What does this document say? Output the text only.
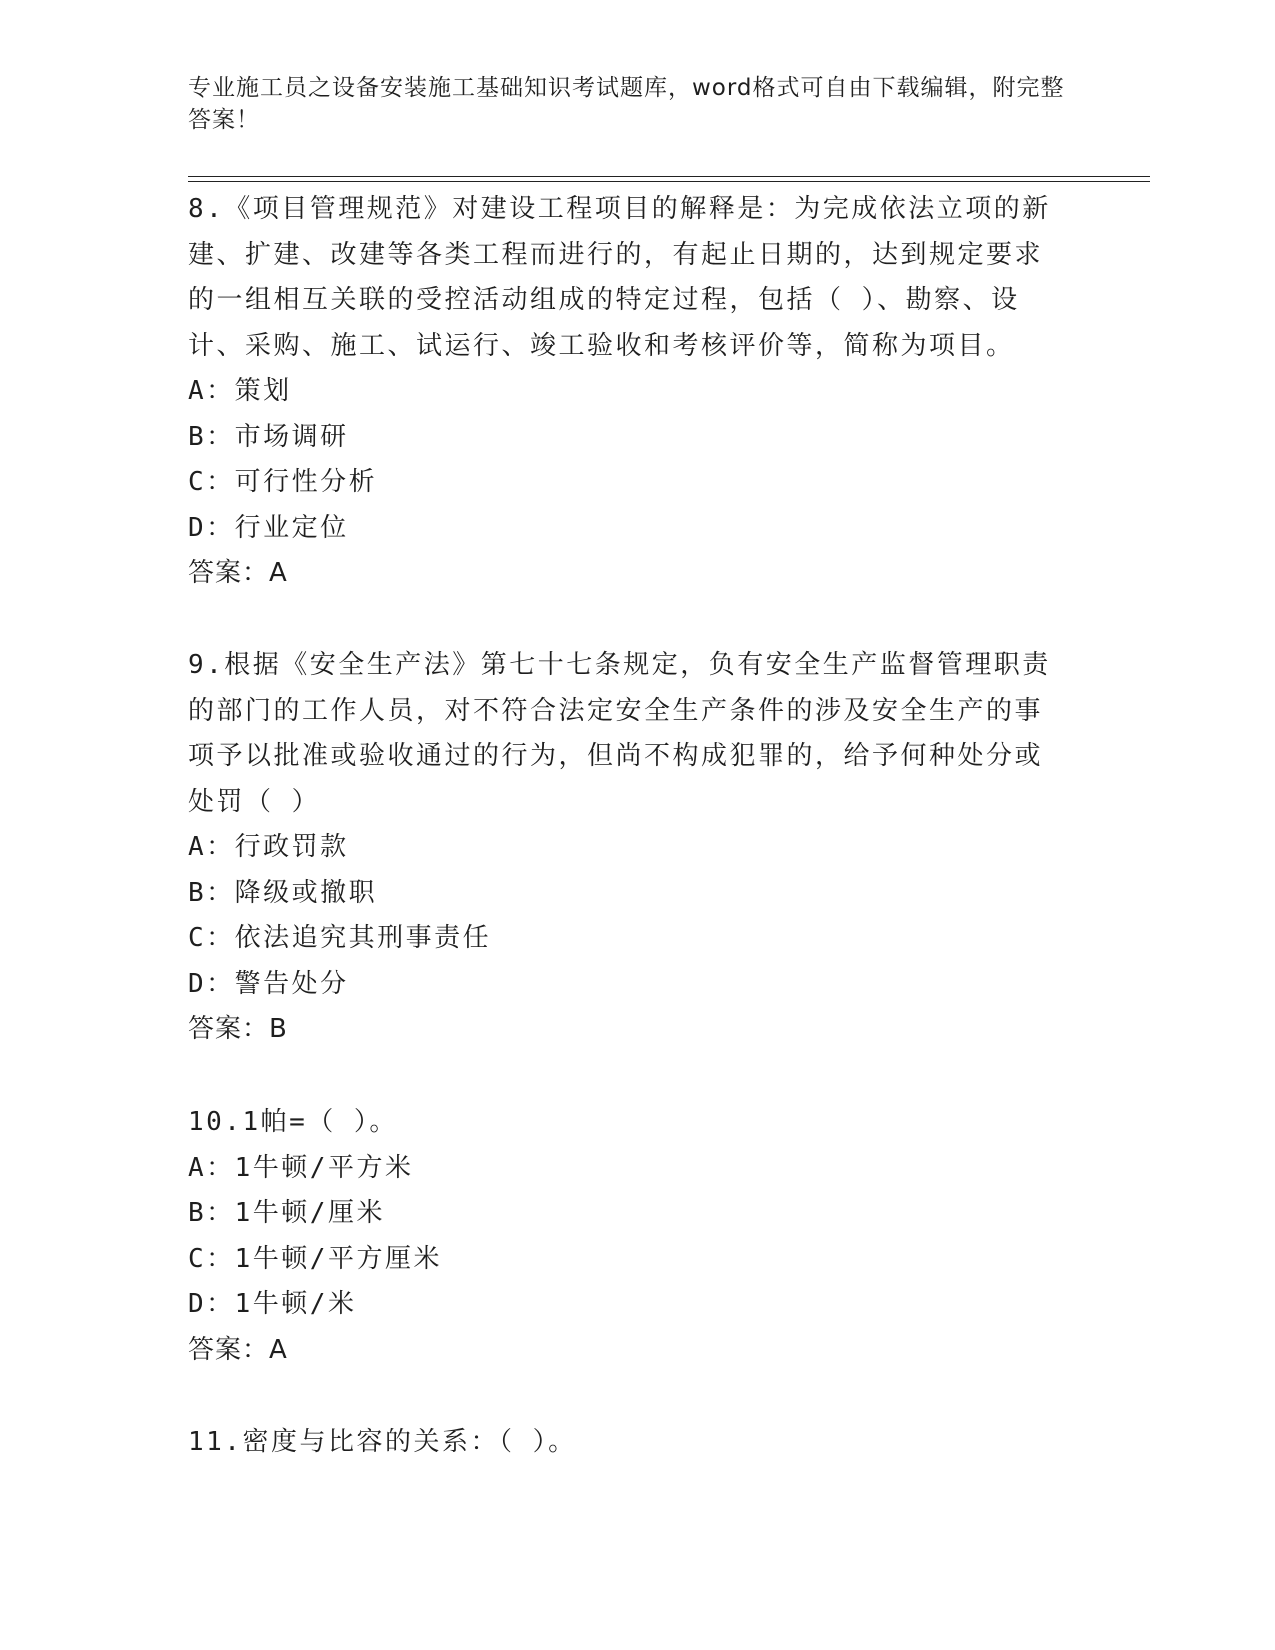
专业施工员之设备安装施工基础知识考试题库，word格式可自由下载编辑，附完整答案！

8.《项目管理规范》对建设工程项目的解释是：为完成依法立项的新建、扩建、改建等各类工程而进行的，有起止日期的，达到规定要求的一组相互关联的受控活动组成的特定过程，包括（ ）、勘察、设计、采购、施工、试运行、竣工验收和考核评价等，简称为项目。

A：策划

B：市场调研

C：可行性分析

D：行业定位

答案：A

9.根据《安全生产法》第七十七条规定，负有安全生产监督管理职责的部门的工作人员，对不符合法定安全生产条件的涉及安全生产的事项予以批准或验收通过的行为，但尚不构成犯罪的，给予何种处分或处罚（ ）

A：行政罚款

B：降级或撤职

C：依法追究其刑事责任

D：警告处分

答案：B

10.1帕=（ ）。

A：1牛顿/平方米

B：1牛顿/厘米

C：1牛顿/平方厘米

D：1牛顿/米

答案：A

11.密度与比容的关系：（ ）。
